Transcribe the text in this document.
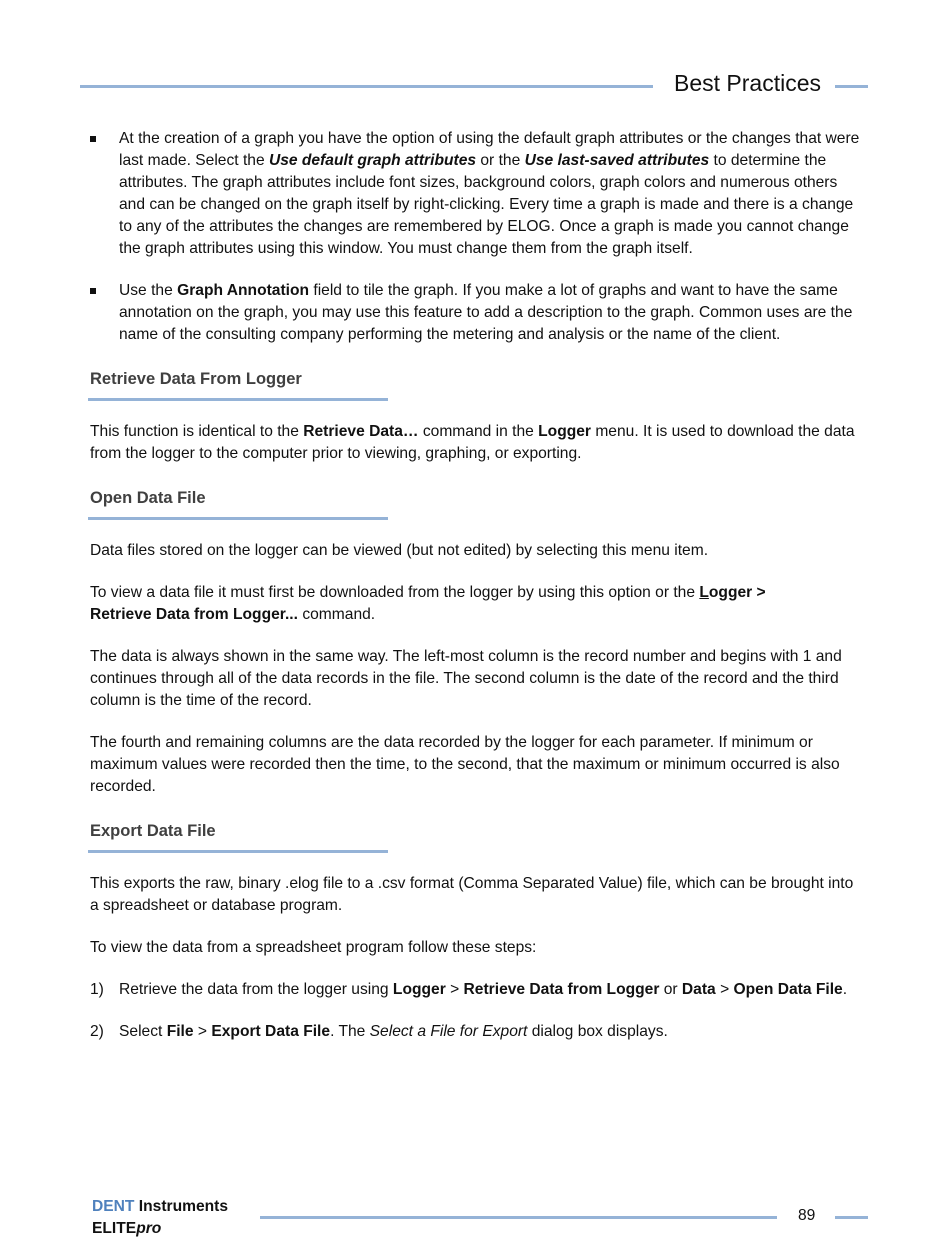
Best Practices

At the creation of a graph you have the option of using the default graph attributes or the changes that were last made. Select the Use default graph attributes or the Use last-saved attributes to determine the attributes. The graph attributes include font sizes, background colors, graph colors and numerous others and can be changed on the graph itself by right-clicking. Every time a graph is made and there is a change to any of the attributes the changes are remembered by ELOG. Once a graph is made you cannot change the graph attributes using this window. You must change them from the graph itself.

Use the Graph Annotation field to tile the graph. If you make a lot of graphs and want to have the same annotation on the graph, you may use this feature to add a description to the graph. Common uses are the name of the consulting company performing the metering and analysis or the name of the client.

Retrieve Data From Logger

This function is identical to the Retrieve Data… command in the Logger menu. It is used to download the data from the logger to the computer prior to viewing, graphing, or exporting.

Open Data File

Data files stored on the logger can be viewed (but not edited) by selecting this menu item.

To view a data file it must first be downloaded from the logger by using this option or the Logger >
Retrieve Data from Logger... command.

The data is always shown in the same way. The left-most column is the record number and begins with 1 and continues through all of the data records in the file. The second column is the date of the record and the third column is the time of the record.

The fourth and remaining columns are the data recorded by the logger for each parameter. If minimum or maximum values were recorded then the time, to the second, that the maximum or minimum occurred is also recorded.

Export Data File

This exports the raw, binary .elog file to a .csv format (Comma Separated Value) file, which can be brought into a spreadsheet or database program.

To view the data from a spreadsheet program follow these steps:

1) Retrieve the data from the logger using Logger > Retrieve Data from Logger or Data > Open Data File.

2) Select File > Export Data File. The Select a File for Export dialog box displays.

DENT Instruments
ELITEpro
89
